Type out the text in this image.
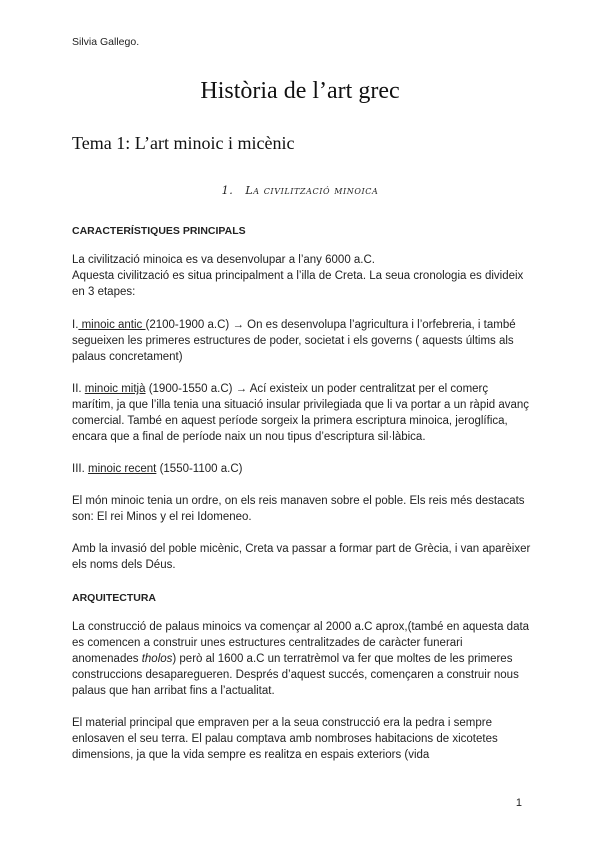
Silvia Gallego.
Història de l’art grec
Tema 1: L’art minoic i micènic
1. La civilització minoica
CARACTERÍSTIQUES PRINCIPALS

La civilització minoica es va desenvolupar a l’any 6000 a.C.

Aquesta civilització es situa principalment a l’illa de Creta. La seua cronologia es divideix en 3 etapes:

I. minoic antic (2100-1900 a.C) → On es desenvolupa l’agricultura i l’orfebreria, i també segueixen les primeres estructures de poder, societat i els governs ( aquests últims als palaus concretament)

II. minoic mitjà (1900-1550 a.C) → Ací existeix un poder centralitzat per el comerç marítim, ja que l’illa tenia una situació insular privilegiada que li va portar a un ràpid avanç comercial. També en aquest període sorgeix la primera escriptura minoica, jeroglífica, encara que a final de període naix un nou tipus d’escriptura sil·làbica.

III. minoic recent (1550-1100 a.C)

El món minoic tenia un ordre, on els reis manaven sobre el poble. Els reis més destacats son: El rei Minos y el rei Idomeneo.
Amb la invasió del poble micènic, Creta va passar a formar part de Grècia, i van aparèixer els noms dels Déus.
ARQUITECTURA

La construcció de palaus minoics va començar al 2000 a.C aprox,(també en aquesta data es comencen a construir unes estructures centralitzades de caràcter funerari anomenades tholos) però al 1600 a.C un terratrèmol va fer que moltes de les primeres construccions desaparegueren. Després d’aquest succés, començaren a construir nous palaus que han arribat fins a l’actualitat.

El material principal que empraven per a la seua construcció era la pedra i sempre enlosaven el seu terra. El palau comptava amb nombroses habitacions de xicotetes dimensions, ja que la vida sempre es realitza en espais exteriors (vida
1
